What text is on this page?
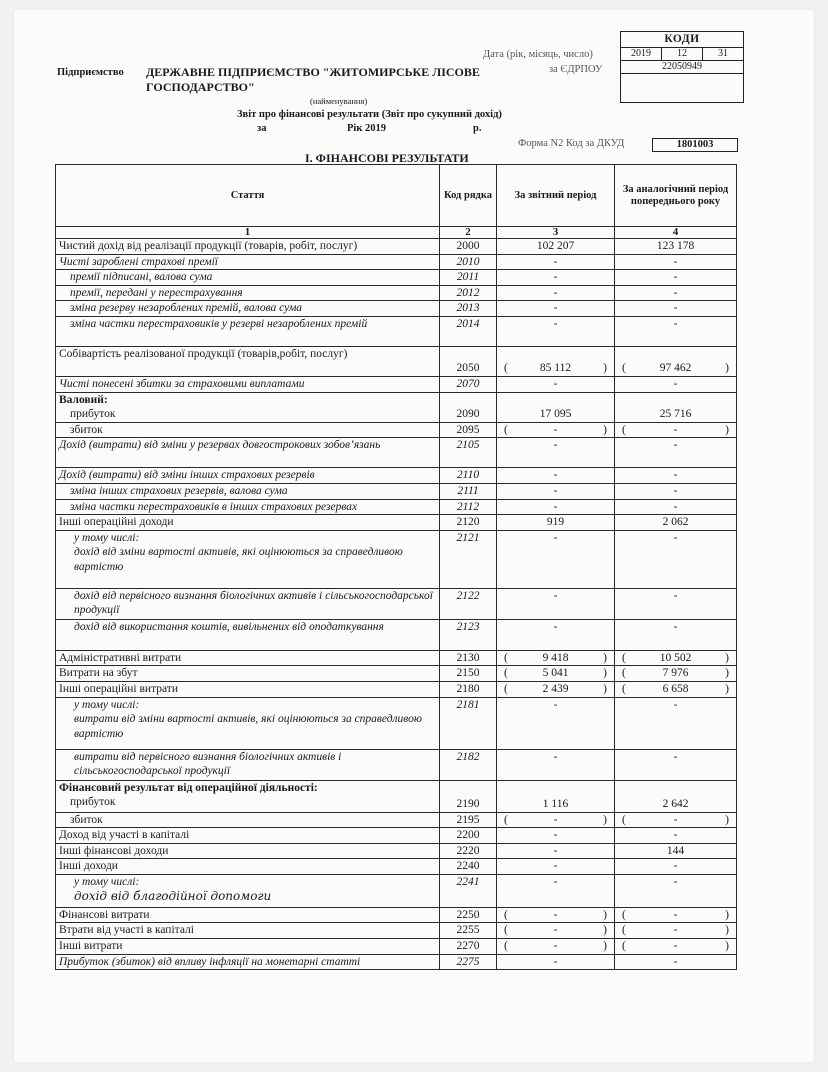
Дата (рік, місяць, число)
за ЄДРПОУ
КОДИ
2019	12	31
22050949
Підприємство ДЕРЖАВНЕ ПІДПРИЄМСТВО "ЖИТОМИРСЬКЕ ЛІСОВЕ
ГОСПОДАРСТВО"
(найменування)
Звіт про фінансові результати (Звіт про сукупний дохід)
за	Рік 2019	р.
Форма N2 Код за ДКУД	1801003
І. ФІНАНСОВІ РЕЗУЛЬТАТИ
Стаття	Код рядка	За звітний період	За аналогічний період попереднього року
1	2	3	4

Чистий дохід від реалізації продукції (товарів, робіт, послуг)	2000	102 207	123 178

Чисті зароблені страхові премії	2010	-	-

премії підписані, валова сума	2011	-	-

премії, передані у перестрахування	2012	-	-

зміна резерву незароблених премій, валова сума	2013	-	-

зміна частки перестраховиків у резерві незароблених премій	2014	-	-

Собівартість реалізованої продукції (товарів,робіт, послуг)	2050	( 85 112 )	( 97 462 )

Чисті понесені збитки за страховими виплатами	2070	-	-

Валовий:
прибуток	2090	17 095	25 716

збиток	2095	( - )	( - )

Дохід (витрати) від зміни у резервах довгострокових зобов’язань	2105	-	-

Дохід (витрати) від зміни інших страхових резервів	2110	-	-

зміна інших страхових резервів, валова сума	2111	-	-

зміна частки перестраховиків в інших страхових резервах	2112	-	-

Інші операційні доходи	2120	919	2 062

у тому числі:
дохід від зміни вартості активів, які оцінюються за справедливою вартістю	2121	-	-

дохід від первісного визнання біологічних активів і сільськогосподарської продукції	2122	-	-

дохід від використання коштів, вивільнених від оподаткування	2123	-	-

Адміністративні витрати	2130	( 9 418 )	( 10 502 )

Витрати на збут	2150	( 5 041 )	( 7 976 )

Інші операційні витрати	2180	( 2 439 )	( 6 658 )

у тому числі:
витрати від зміни вартості активів, які оцінюються за справедливою вартістю	2181	-	-

витрати від первісного визнання біологічних активів і сільськогосподарської продукції	2182	-	-

Фінансовий результат від операційної діяльності:
прибуток	2190	1 116	2 642

збиток	2195	( - )	( - )

Доход від участі в капіталі	2200	-	-

Інші фінансові доходи	2220	-	144

Інші доходи	2240	-	-

у тому числі:
дохід від благодійної допомоги	2241	-	-

Фінансові витрати	2250	( - )	( - )

Втрати від участі в капіталі	2255	( - )	( - )

Інші витрати	2270	( - )	( - )

Прибуток (збиток) від впливу інфляції на монетарні статті	2275	-	-
